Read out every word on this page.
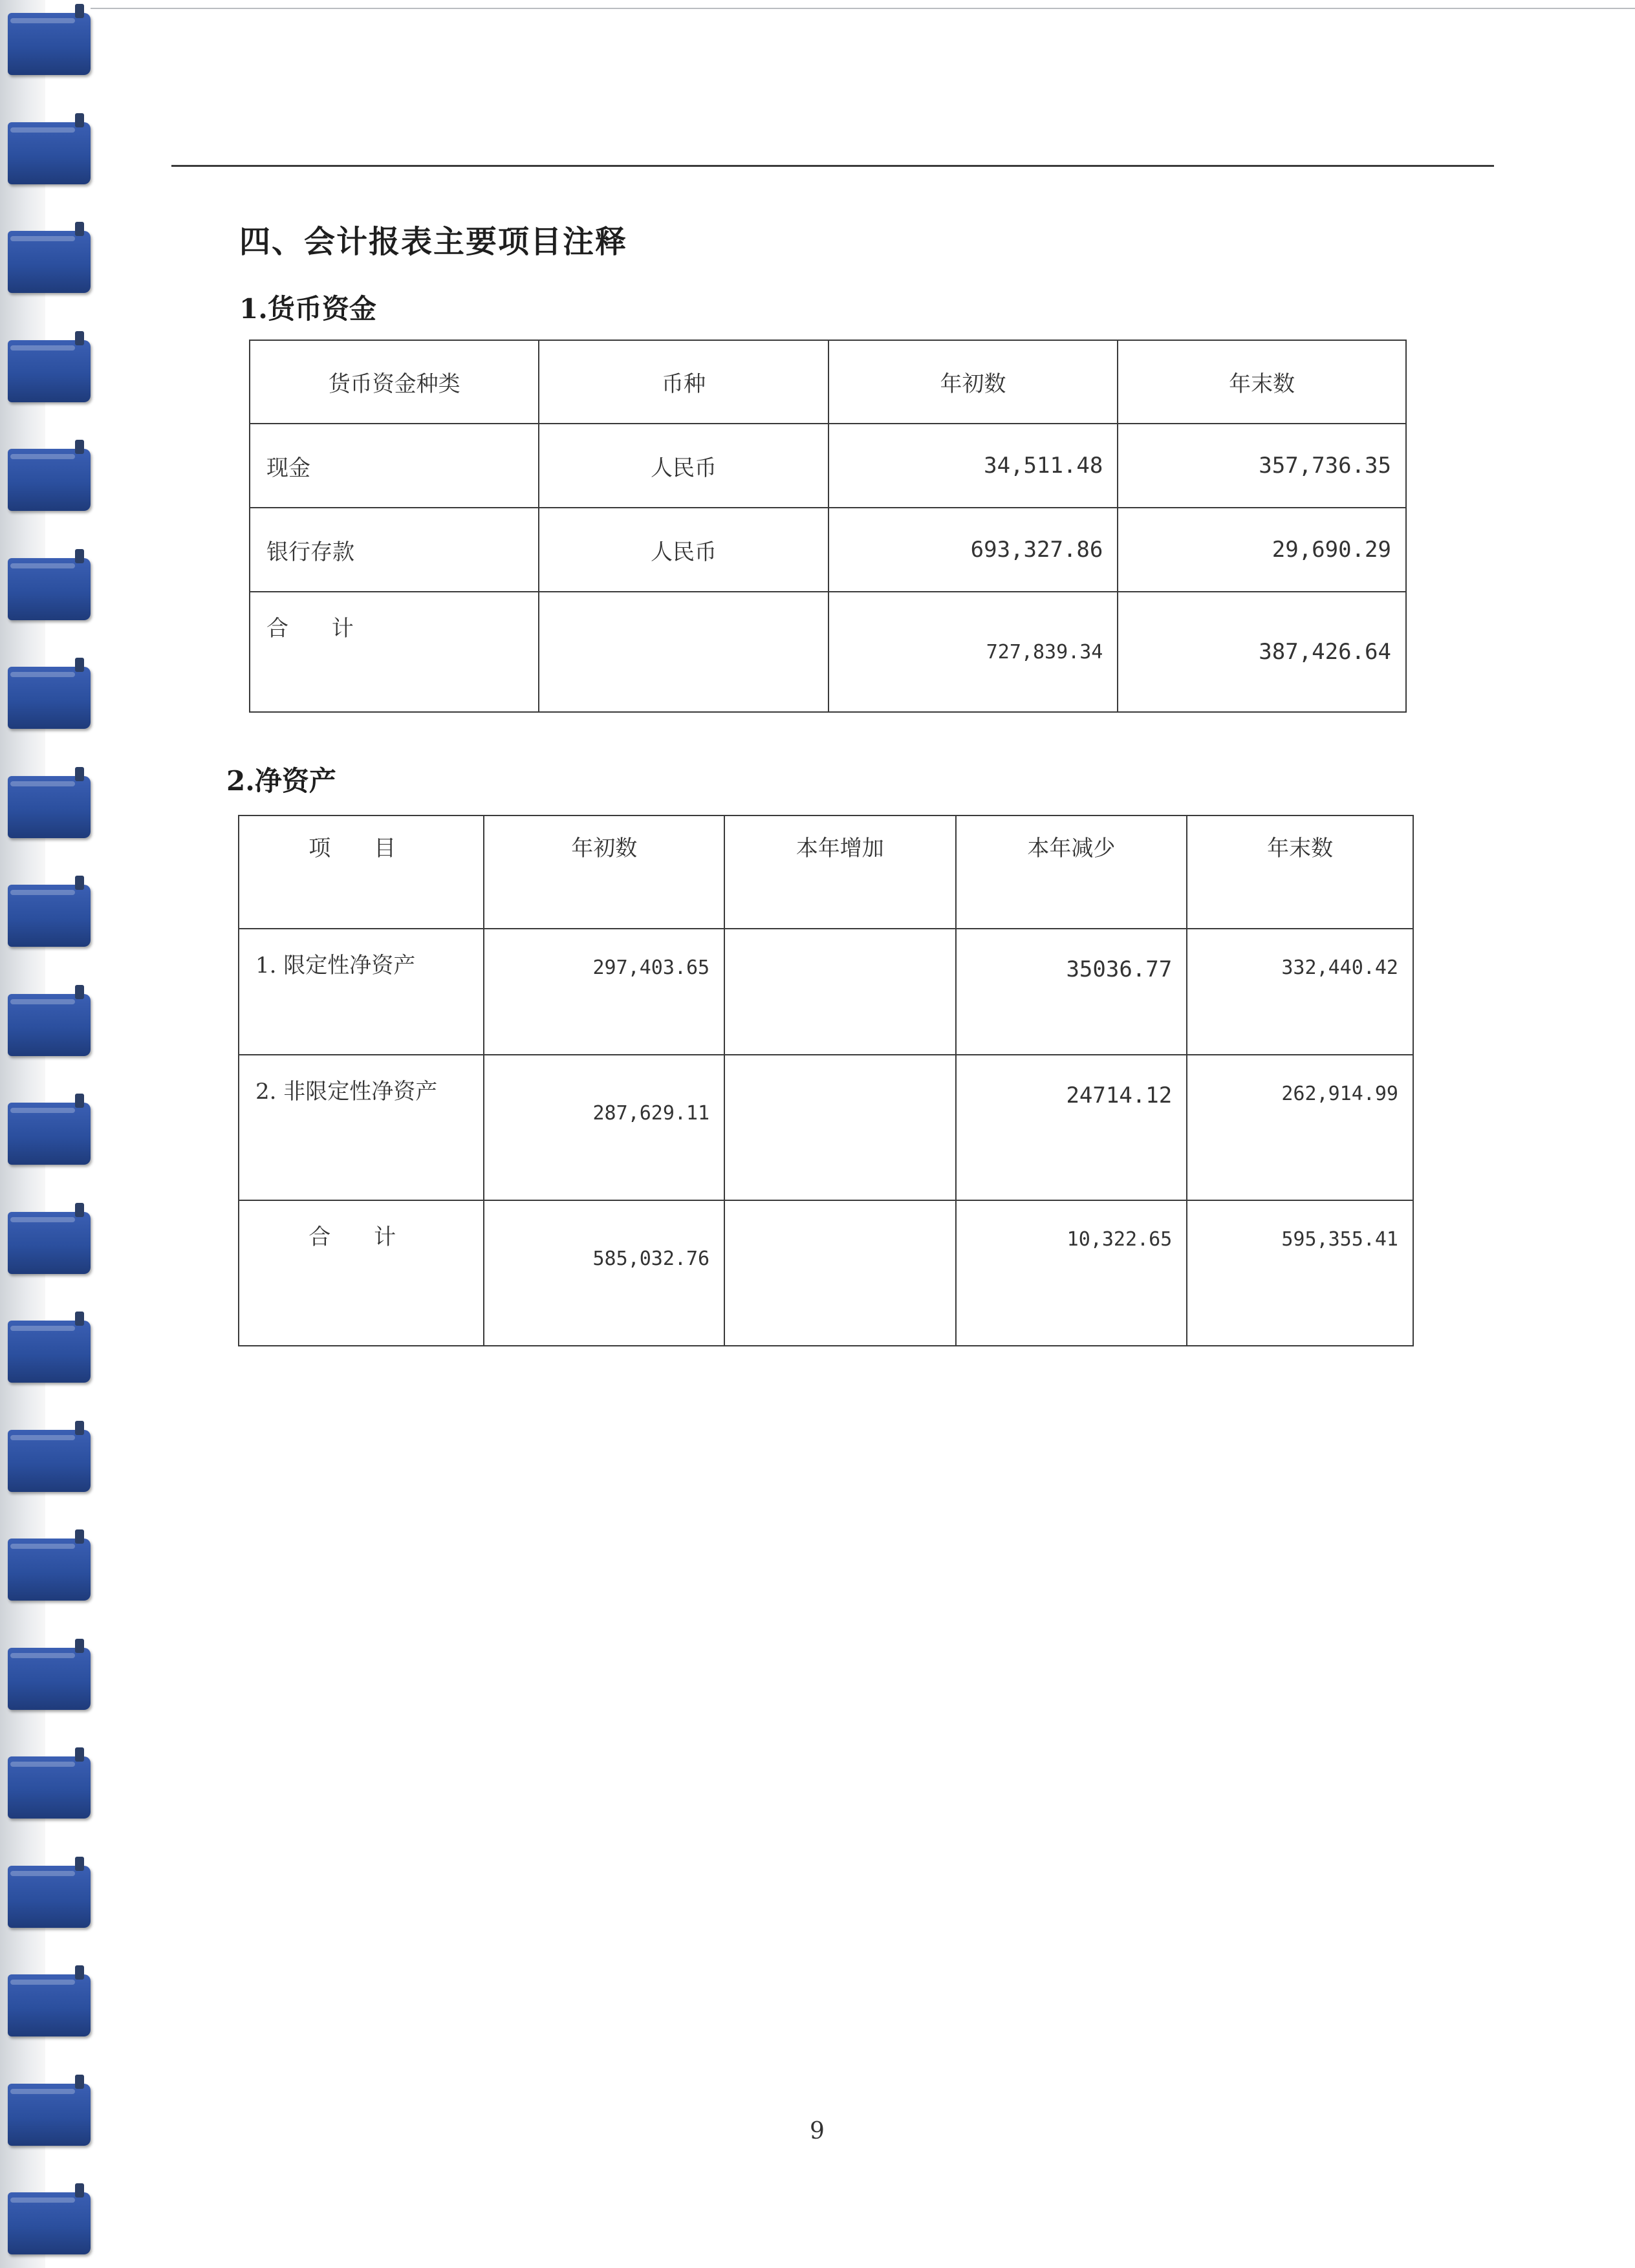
四、会计报表主要项目注释
1.货币资金
货币资金种类	币种	年初数	年末数
现金	人民币	34,511.48	357,736.35
银行存款	人民币	693,327.86	29,690.29
合 计		727,839.34	387,426.64
2.净资产
项 目	年初数	本年增加	本年减少	年末数
1. 限定性净资产	297,403.65		35036.77	332,440.42
2. 非限定性净资产	287,629.11		24714.12	262,914.99
合 计	585,032.76		10,322.65	595,355.41
9
